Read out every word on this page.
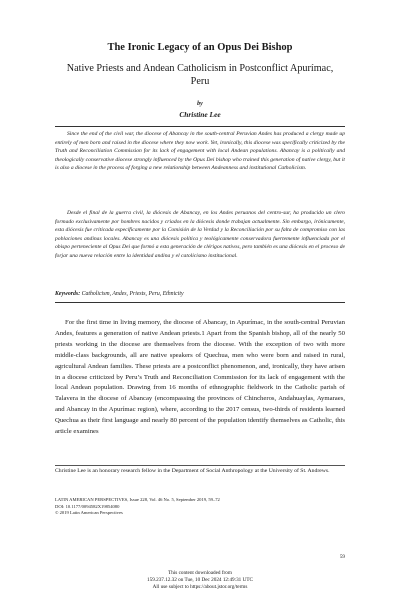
The Ironic Legacy of an Opus Dei Bishop
Native Priests and Andean Catholicism in Postconflict Apurímac, Peru
by
Christine Lee

Since the end of the civil war, the diocese of Abancay in the south-central Peruvian Andes has produced a clergy made up entirely of men born and raised in the diocese where they now work. Yet, ironically, this diocese was specifically criticized by the Truth and Reconciliation Commission for its lack of engagement with local Andean populations. Abancay is a politically and theologically conservative diocese strongly influenced by the Opus Dei bishop who trained this generation of native clergy, but it is also a diocese in the process of forging a new relationship between Andeanness and institutional Catholicism.

Desde el final de la guerra civil, la diócesis de Abancay, en los Andes peruanos del centro-sur, ha producido un clero formado exclusivamente por hombres nacidos y criados en la diócesis donde trabajan actualmente. Sin embargo, irónicamente, esta diócesis fue criticada específicamente por la Comisión de la Verdad y la Reconciliación por su falta de compromiso con las poblaciones andinas locales. Abancay es una diócesis política y teológicamente conservadora fuertemente influenciada por el obispo perteneciente al Opus Dei que formó a esta generación de clérigos nativos, pero también es una diócesis en el proceso de forjar una nueva relación entre la identidad andina y el catolicismo institucional.

Keywords: Catholicism, Andes, Priests, Peru, Ethnicity

For the first time in living memory, the diocese of Abancay, in Apurímac, in the south-central Peruvian Andes, features a generation of native Andean priests.1 Apart from the Spanish bishop, all of the nearly 50 priests working in the diocese are themselves from the diocese. With the exception of two with more middle-class backgrounds, all are native speakers of Quechua, men who were born and raised in rural, agricultural Andean families. These priests are a postconflict phenomenon, and, ironically, they have arisen in a diocese criticized by Peru’s Truth and Reconciliation Commission for its lack of engagement with the local Andean population. Drawing from 16 months of ethnographic fieldwork in the Catholic parish of Talavera in the diocese of Abancay (encompassing the provinces of Chincheros, Andahuaylas, Aymaraes, and Abancay in the Apurímac region), where, according to the 2017 census, two-thirds of residents learned Quechua as their first language and nearly 80 percent of the population identify themselves as Catholic, this article examines

Christine Lee is an honorary research fellow in the Department of Social Anthropology at the University of St. Andrews.

LATIN AMERICAN PERSPECTIVES, Issue 228, Vol. 46 No. 5, September 2019, 59–72
DOI: 10.1177/0094582X19854080
© 2019 Latin American Perspectives
59
This content downloaded from
159.237.12.32 on Tue, 10 Dec 2024 12:49:31 UTC
All use subject to https://about.jstor.org/terms
